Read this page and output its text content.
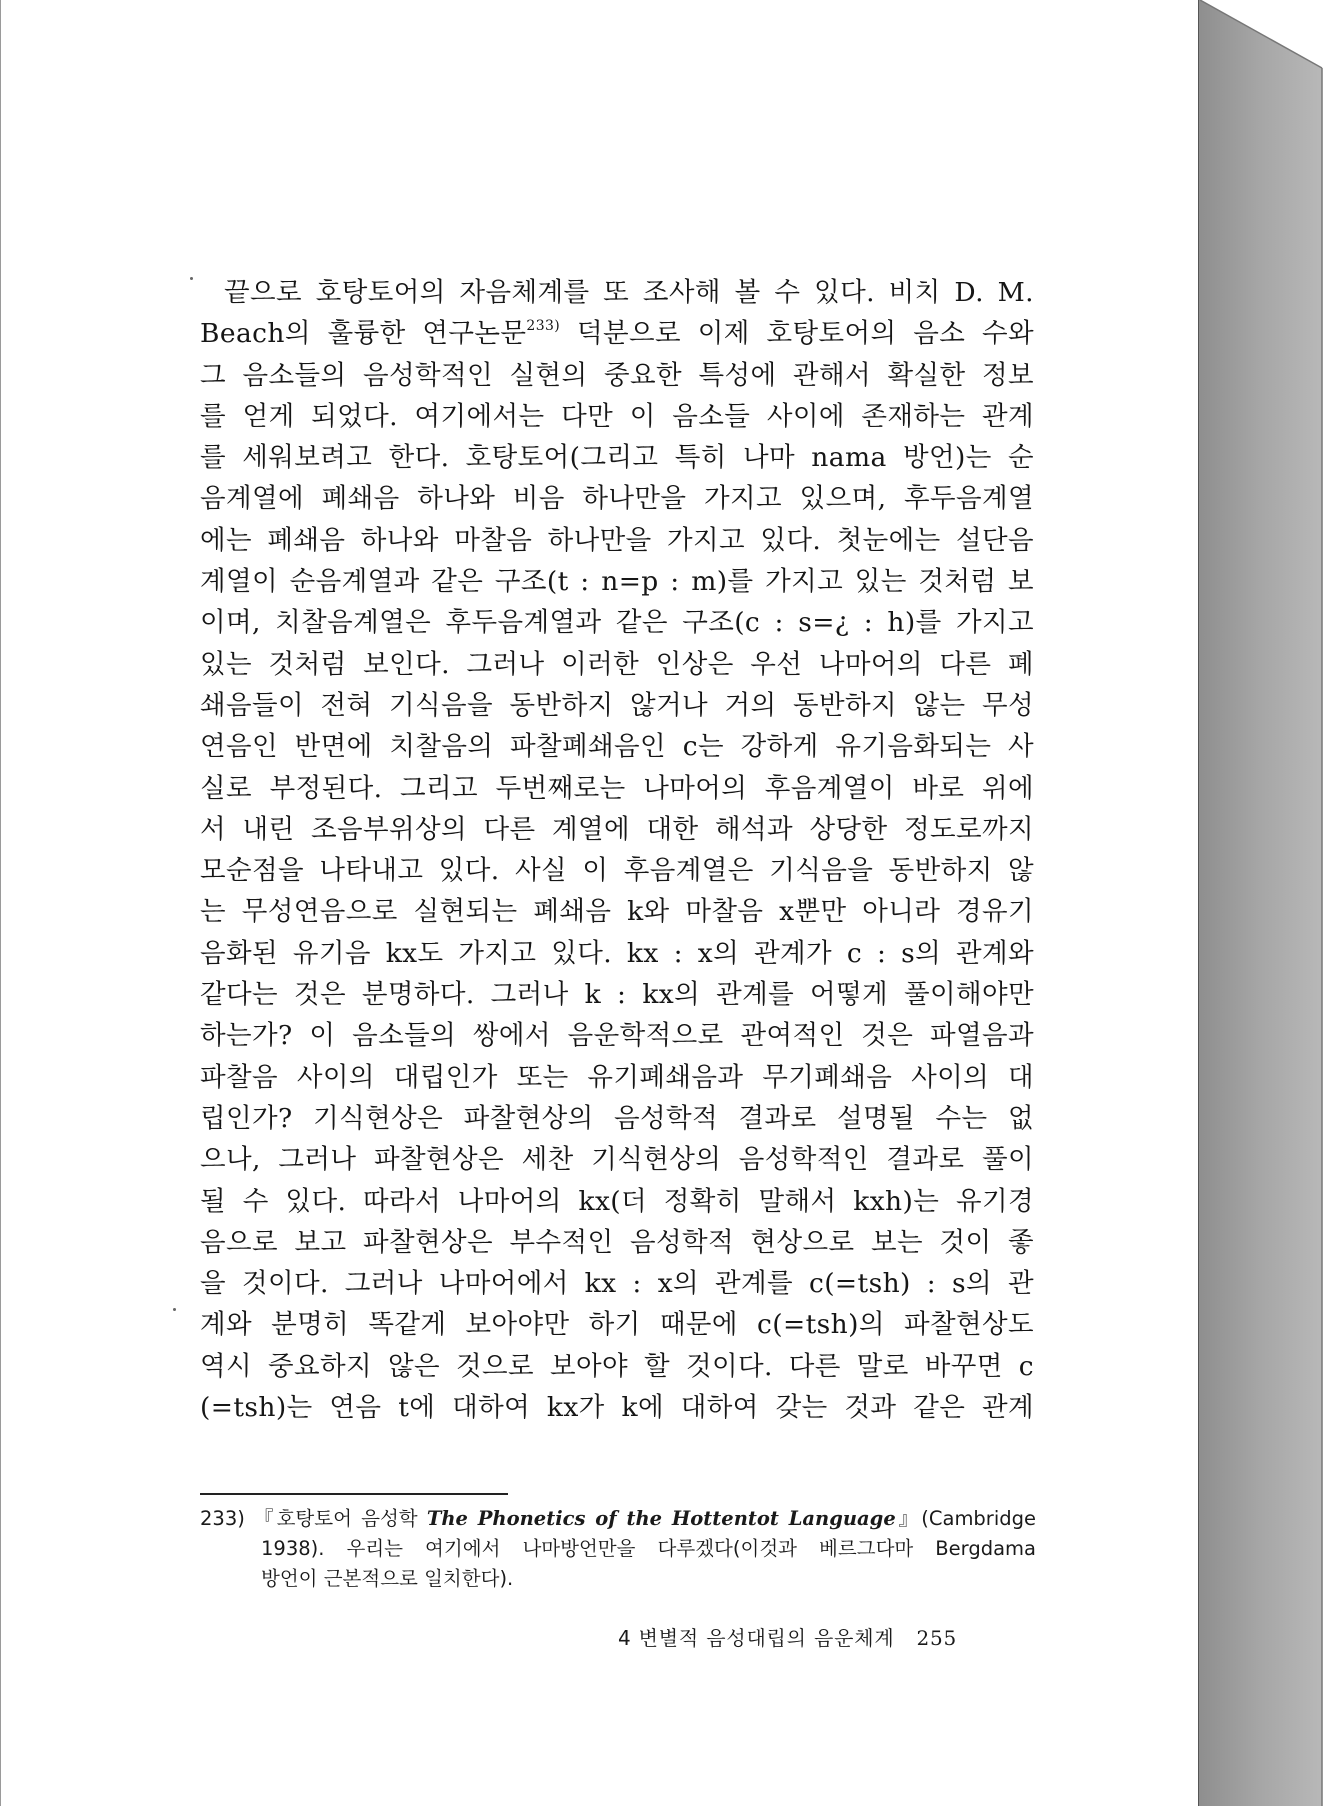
끝으로 호탕토어의 자음체계를 또 조사해 볼 수 있다. 비치 D. M.
Beach의 훌륭한 연구논문$^{233)}$ 덕분으로 이제 호탕토어의 음소 수와
그 음소들의 음성학적인 실현의 중요한 특성에 관해서 확실한 정보
를 얻게 되었다. 여기에서는 다만 이 음소들 사이에 존재하는 관계
를 세워보려고 한다. 호탕토어(그리고 특히 나마 nama 방언)는 순
음계열에 폐쇄음 하나와 비음 하나만을 가지고 있으며, 후두음계열
에는 폐쇄음 하나와 마찰음 하나만을 가지고 있다. 첫눈에는 설단음
계열이 순음계열과 같은 구조(t : n=p : m)를 가지고 있는 것처럼 보
이며, 치찰음계열은 후두음계열과 같은 구조(c : s=¿ : h)를 가지고
있는 것처럼 보인다. 그러나 이러한 인상은 우선 나마어의 다른 폐
쇄음들이 전혀 기식음을 동반하지 않거나 거의 동반하지 않는 무성
연음인 반면에 치찰음의 파찰폐쇄음인 c는 강하게 유기음화되는 사
실로 부정된다. 그리고 두번째로는 나마어의 후음계열이 바로 위에
서 내린 조음부위상의 다른 계열에 대한 해석과 상당한 정도로까지
모순점을 나타내고 있다. 사실 이 후음계열은 기식음을 동반하지 않
는 무성연음으로 실현되는 폐쇄음 k와 마찰음 x뿐만 아니라 경유기
음화된 유기음 kx도 가지고 있다. kx : x의 관계가 c : s의 관계와
같다는 것은 분명하다. 그러나 k : kx의 관계를 어떻게 풀이해야만
하는가? 이 음소들의 쌍에서 음운학적으로 관여적인 것은 파열음과
파찰음 사이의 대립인가 또는 유기폐쇄음과 무기폐쇄음 사이의 대
립인가? 기식현상은 파찰현상의 음성학적 결과로 설명될 수는 없
으나, 그러나 파찰현상은 세찬 기식현상의 음성학적인 결과로 풀이
될 수 있다. 따라서 나마어의 kx(더 정확히 말해서 kxh)는 유기경
음으로 보고 파찰현상은 부수적인 음성학적 현상으로 보는 것이 좋
을 것이다. 그러나 나마어에서 kx : x의 관계를 c(=tsh) : s의 관
계와 분명히 똑같게 보아야만 하기 때문에 c(=tsh)의 파찰현상도
역시 중요하지 않은 것으로 보아야 할 것이다. 다른 말로 바꾸면 c
(=tsh)는 연음 t에 대하여 kx가 k에 대하여 갖는 것과 같은 관계
233) 『호탕토어 음성학 The Phonetics of the Hottentot Language』(Cambridge
1938). 우리는 여기에서 나마방언만을 다루겠다(이것과 베르그다마 Bergdama
방언이 근본적으로 일치한다).
4 변별적 음성대립의 음운체계 255
